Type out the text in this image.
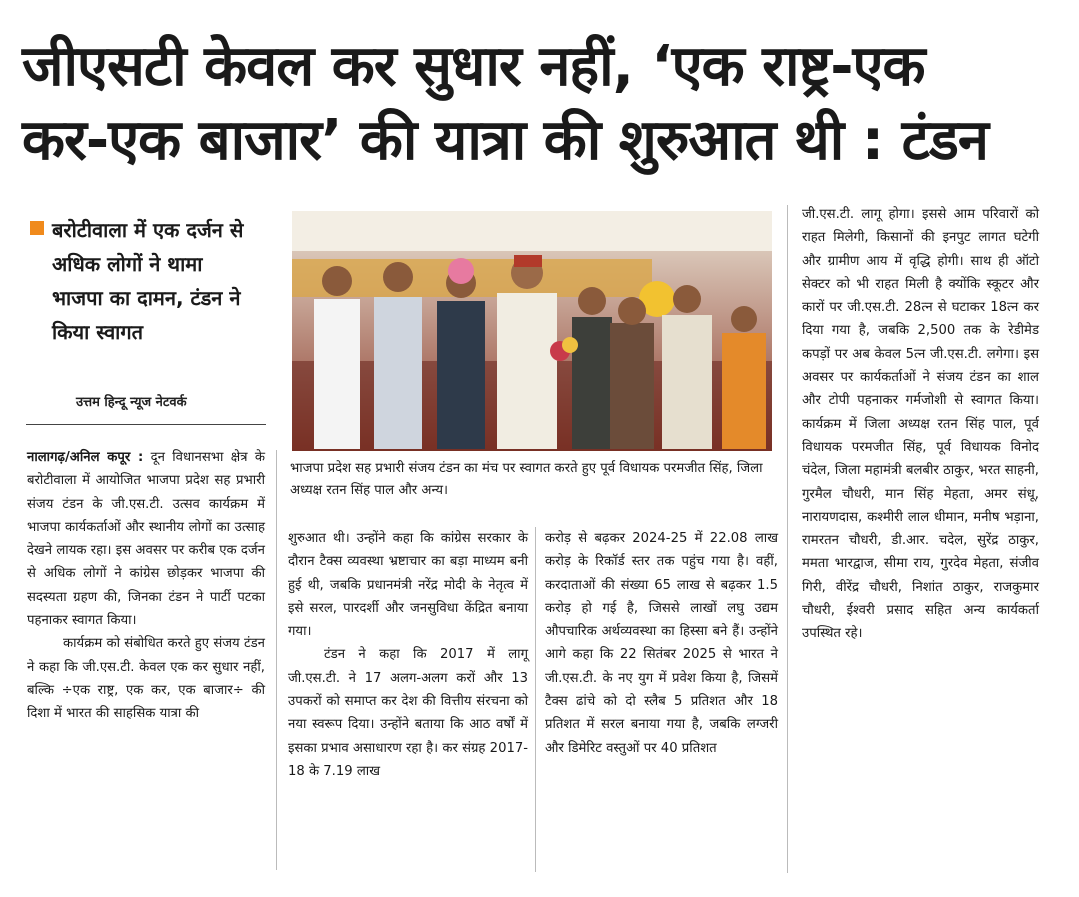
जीएसटी केवल कर सुधार नहीं, ‘एक राष्ट्र-एक
कर-एक बाजार’ की यात्रा की शुरुआत थी : टंडन
बरोटीवाला में एक दर्जन से अधिक लोगों ने थामा भाजपा का दामन, टंडन ने किया स्वागत
उत्तम हिन्दू न्यूज नेटवर्क

नालागढ़/अनिल कपूर : दून विधानसभा क्षेत्र के बरोटीवाला में आयोजित भाजपा प्रदेश सह प्रभारी संजय टंडन के जी.एस.टी. उत्सव कार्यक्रम में भाजपा कार्यकर्ताओं और स्थानीय लोगों का उत्साह देखने लायक रहा। इस अवसर पर करीब एक दर्जन से अधिक लोगों ने कांग्रेस छोड़कर भाजपा की सदस्यता ग्रहण की, जिनका टंडन ने पार्टी पटका पहनाकर स्वागत किया।

कार्यक्रम को संबोधित करते हुए संजय टंडन ने कहा कि जी.एस.टी. केवल एक कर सुधार नहीं, बल्कि ÷एक राष्ट्र, एक कर, एक बाजार÷ की दिशा में भारत की साहसिक यात्रा की

भाजपा प्रदेश सह प्रभारी संजय टंडन का मंच पर स्वागत करते हुए पूर्व विधायक परमजीत सिंह, जिला अध्यक्ष रतन सिंह पाल और अन्य।

शुरुआत थी। उन्होंने कहा कि कांग्रेस सरकार के दौरान टैक्स व्यवस्था भ्रष्टाचार का बड़ा माध्यम बनी हुई थी, जबकि प्रधानमंत्री नरेंद्र मोदी के नेतृत्व में इसे सरल, पारदर्शी और जनसुविधा केंद्रित बनाया गया।

टंडन ने कहा कि 2017 में लागू जी.एस.टी. ने 17 अलग-अलग करों और 13 उपकरों को समाप्त कर देश की वित्तीय संरचना को नया स्वरूप दिया। उन्होंने बताया कि आठ वर्षों में इसका प्रभाव असाधारण रहा है। कर संग्रह 2017-18 के 7.19 लाख

करोड़ से बढ़कर 2024-25 में 22.08 लाख करोड़ के रिकॉर्ड स्तर तक पहुंच गया है। वहीं, करदाताओं की संख्या 65 लाख से बढ़कर 1.5 करोड़ हो गई है, जिससे लाखों लघु उद्यम औपचारिक अर्थव्यवस्था का हिस्सा बने हैं। उन्होंने आगे कहा कि 22 सितंबर 2025 से भारत ने जी.एस.टी. के नए युग में प्रवेश किया है, जिसमें टैक्स ढांचे को दो स्लैब 5 प्रतिशत और 18 प्रतिशत में सरल बनाया गया है, जबकि लग्जरी और डिमेरिट वस्तुओं पर 40 प्रतिशत

जी.एस.टी. लागू होगा। इससे आम परिवारों को राहत मिलेगी, किसानों की इनपुट लागत घटेगी और ग्रामीण आय में वृद्धि होगी। साथ ही ऑटो सेक्टर को भी राहत मिली है क्योंकि स्कूटर और कारों पर जी.एस.टी. 28त्न से घटाकर 18त्न कर दिया गया है, जबकि 2,500 तक के रेडीमेड कपड़ों पर अब केवल 5त्न जी.एस.टी. लगेगा। इस अवसर पर कार्यकर्ताओं ने संजय टंडन का शाल और टोपी पहनाकर गर्मजोशी से स्वागत किया। कार्यक्रम में जिला अध्यक्ष रतन सिंह पाल, पूर्व विधायक परमजीत सिंह, पूर्व विधायक विनोद चंदेल, जिला महामंत्री बलबीर ठाकुर, भरत साहनी, गुरमैल चौधरी, मान सिंह मेहता, अमर संधू, नारायणदास, कश्मीरी लाल धीमान, मनीष भड़ाना, रामरतन चौधरी, डी.आर. चदेल, सुरेंद्र ठाकुर, ममता भारद्वाज, सीमा राय, गुरदेव मेहता, संजीव गिरी, वीरेंद्र चौधरी, निशांत ठाकुर, राजकुमार चौधरी, ईश्वरी प्रसाद सहित अन्य कार्यकर्ता उपस्थित रहे।
